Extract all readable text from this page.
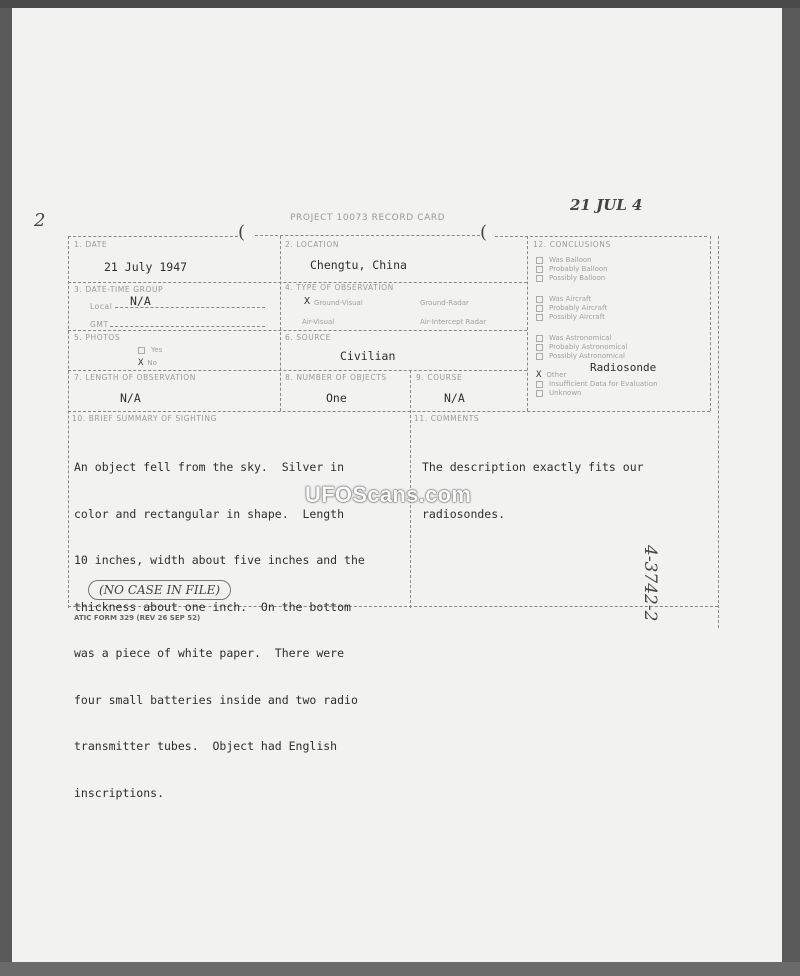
2
21 JUL 4
(NO CASE IN FILE)	4-3742-2
PROJECT 10073 RECORD CARD
(	(
1. DATE
21 July 1947
2. LOCATION
Chengtu, China
3. DATE-TIME GROUP
Local N/A
GMT
4. TYPE OF OBSERVATION
X Ground-Visual	Ground-Radar
Air-Visual	Air-Intercept Radar
5. PHOTOS
Yes
X No
6. SOURCE
Civilian
7. LENGTH OF OBSERVATION
N/A
8. NUMBER OF OBJECTS
One
9. COURSE
N/A
10. BRIEF SUMMARY OF SIGHTING

An object fell from the sky.  Silver in

color and rectangular in shape.  Length

10 inches, width about five inches and the

thickness about one inch.  On the bottom

was a piece of white paper.  There were

four small batteries inside and two radio

transmitter tubes.  Object had English

inscriptions.

11. COMMENTS

The description exactly fits our

radiosondes.

12. CONCLUSIONS
Was Balloon
Probably Balloon
Possibly Balloon
Was Aircraft
Probably Aircraft
Possibly Aircraft
Was Astronomical
Probably Astronomical
Possibly Astronomical
Radiosonde
X Other
Insufficient Data for Evaluation
Unknown
ATIC FORM 329 (REV 26 SEP 52)
UFOScans.com
